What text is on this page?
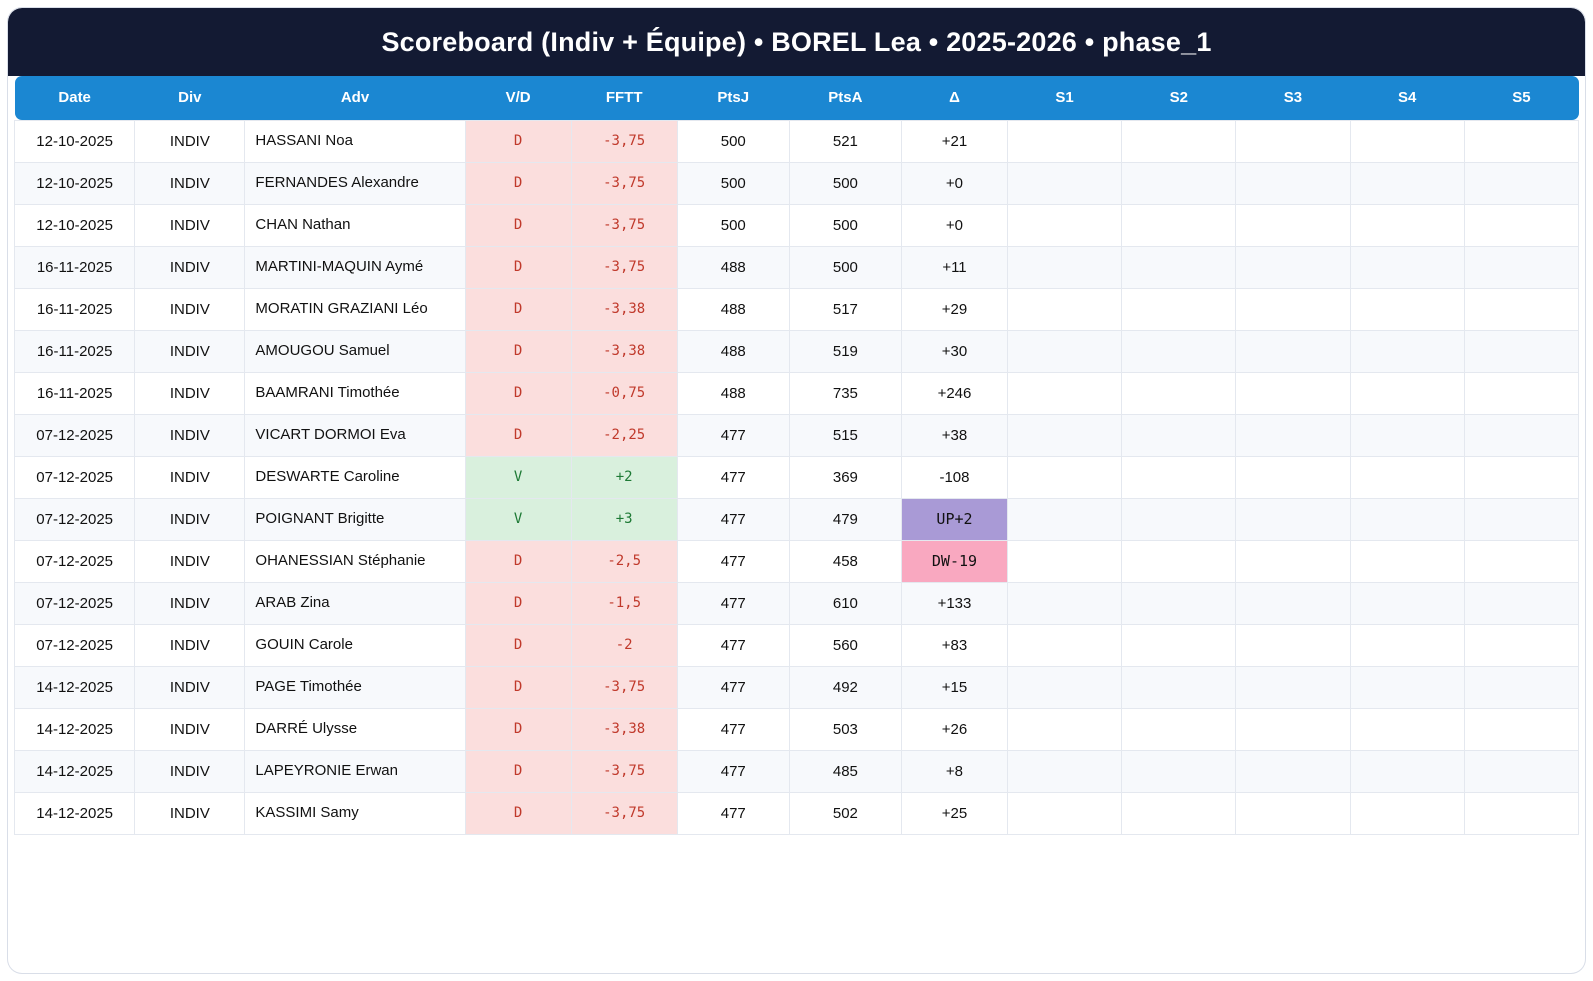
Scoreboard (Indiv + Équipe) • BOREL Lea • 2025-2026 • phase_1
Date	Div	Adv	V/D	FFTT	PtsJ	PtsA	Δ	S1	S2	S3	S4	S5
12-10-2025	INDIV	HASSANI Noa	D	-3,75	500	521	+21					
12-10-2025	INDIV	FERNANDES Alexandre	D	-3,75	500	500	+0					
12-10-2025	INDIV	CHAN Nathan	D	-3,75	500	500	+0					
16-11-2025	INDIV	MARTINI-MAQUIN Aymé	D	-3,75	488	500	+11					
16-11-2025	INDIV	MORATIN GRAZIANI Léo	D	-3,38	488	517	+29					
16-11-2025	INDIV	AMOUGOU Samuel	D	-3,38	488	519	+30					
16-11-2025	INDIV	BAAMRANI Timothée	D	-0,75	488	735	+246					
07-12-2025	INDIV	VICART DORMOI Eva	D	-2,25	477	515	+38					
07-12-2025	INDIV	DESWARTE Caroline	V	+2	477	369	-108					
07-12-2025	INDIV	POIGNANT Brigitte	V	+3	477	479	UP+2					
07-12-2025	INDIV	OHANESSIAN Stéphanie	D	-2,5	477	458	DW-19					
07-12-2025	INDIV	ARAB Zina	D	-1,5	477	610	+133					
07-12-2025	INDIV	GOUIN Carole	D	-2	477	560	+83					
14-12-2025	INDIV	PAGE Timothée	D	-3,75	477	492	+15					
14-12-2025	INDIV	DARRÉ Ulysse	D	-3,38	477	503	+26					
14-12-2025	INDIV	LAPEYRONIE Erwan	D	-3,75	477	485	+8					
14-12-2025	INDIV	KASSIMI Samy	D	-3,75	477	502	+25					
